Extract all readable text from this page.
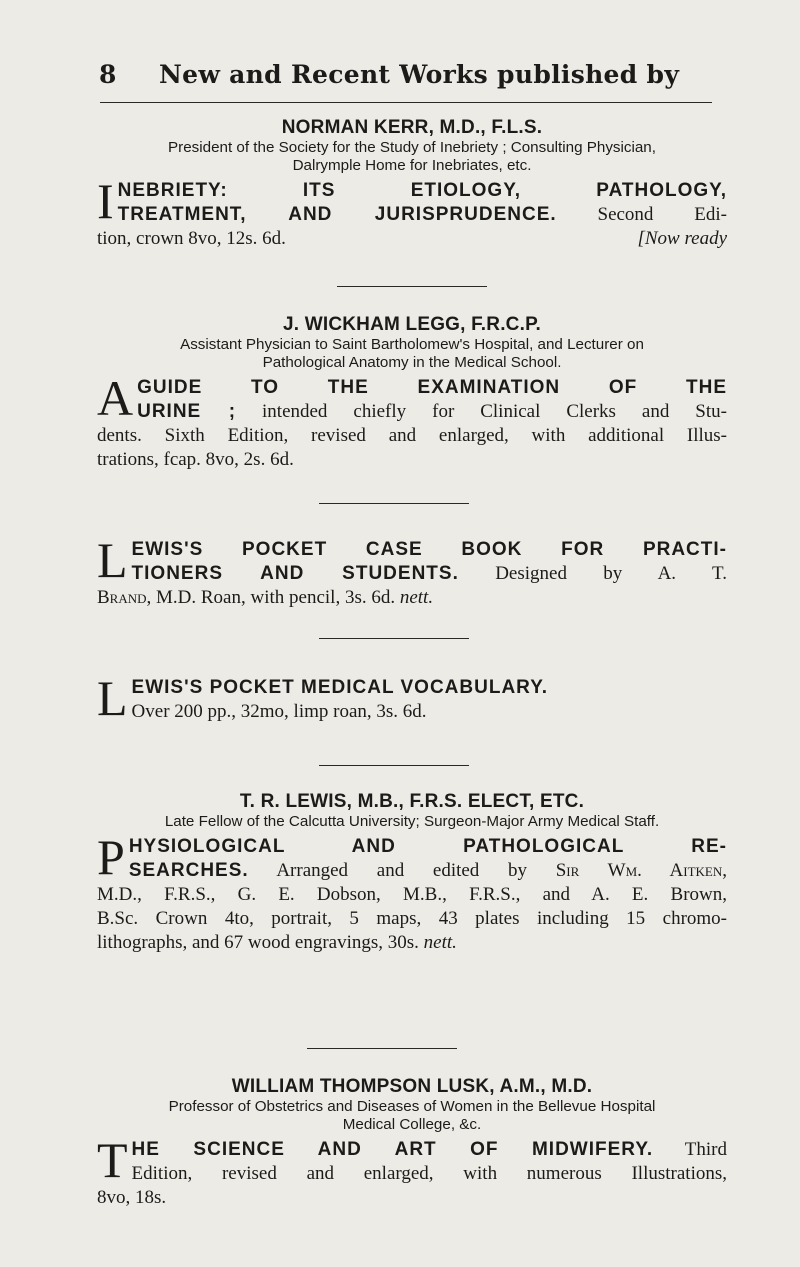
8	New and Recent Works published by
NORMAN KERR, M.D., F.L.S.
President of the Society for the Study of Inebriety ; Consulting Physician,
Dalrymple Home for Inebriates, etc.
I NEBRIETY: ITS ETIOLOGY, PATHOLOGY,
TREATMENT, AND JURISPRUDENCE. Second Edi-
tion, crown 8vo, 12s. 6d.	[Now ready
J. WICKHAM LEGG, F.R.C.P.
Assistant Physician to Saint Bartholomew's Hospital, and Lecturer on
Pathological Anatomy in the Medical School.
A GUIDE TO THE EXAMINATION OF THE
URINE ; intended chiefly for Clinical Clerks and Stu-
dents. Sixth Edition, revised and enlarged, with additional Illus-
trations, fcap. 8vo, 2s. 6d.
L EWIS'S POCKET CASE BOOK FOR PRACTI-
TIONERS AND STUDENTS. Designed by A. T.
Brand, M.D. Roan, with pencil, 3s. 6d. nett.
L EWIS'S POCKET MEDICAL VOCABULARY.
Over 200 pp., 32mo, limp roan, 3s. 6d.
T. R. LEWIS, M.B., F.R.S. ELECT, ETC.
Late Fellow of the Calcutta University; Surgeon-Major Army Medical Staff.
P HYSIOLOGICAL AND PATHOLOGICAL RE-
SEARCHES. Arranged and edited by Sir Wm. Aitken,
M.D., F.R.S., G. E. Dobson, M.B., F.R.S., and A. E. Brown,
B.Sc. Crown 4to, portrait, 5 maps, 43 plates including 15 chromo-
lithographs, and 67 wood engravings, 30s. nett.
WILLIAM THOMPSON LUSK, A.M., M.D.
Professor of Obstetrics and Diseases of Women in the Bellevue Hospital
Medical College, &c.
T HE SCIENCE AND ART OF MIDWIFERY. Third
Edition, revised and enlarged, with numerous Illustrations,
8vo, 18s.
